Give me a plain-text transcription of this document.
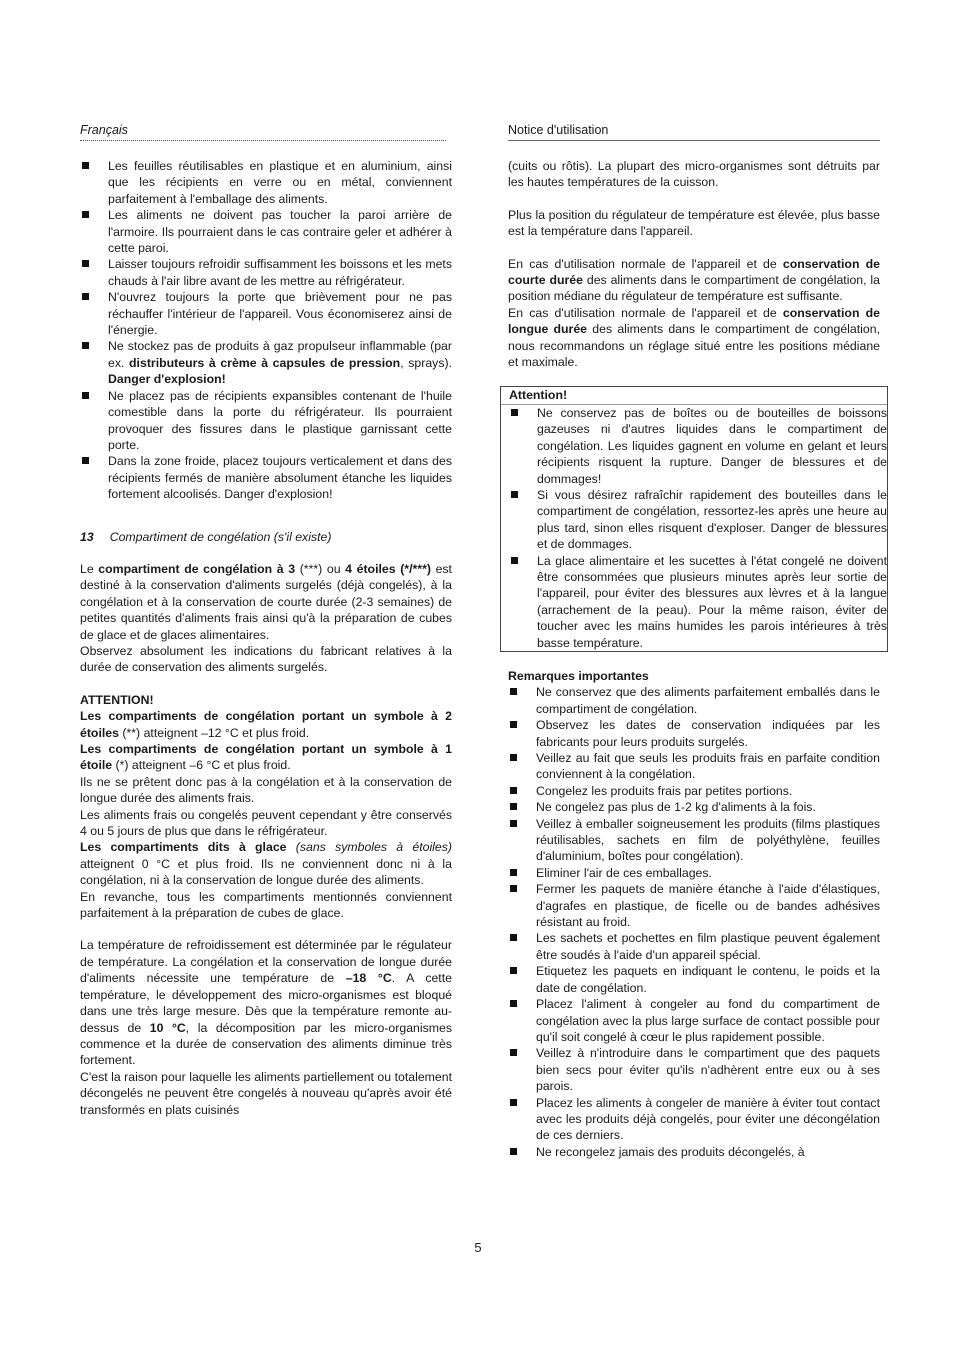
Français	Notice d'utilisation
Les feuilles réutilisables en plastique et en aluminium, ainsi que les récipients en verre ou en métal, conviennent parfaitement à l'emballage des aliments.
Les aliments ne doivent pas toucher la paroi arrière de l'armoire. Ils pourraient dans le cas contraire geler et adhérer à cette paroi.
Laisser toujours refroidir suffisamment les boissons et les mets chauds à l'air libre avant de les mettre au réfrigérateur.
N'ouvrez toujours la porte que brièvement pour ne pas réchauffer l'intérieur de l'appareil. Vous économiserez ainsi de l'énergie.
Ne stockez pas de produits à gaz propulseur inflammable (par ex. distributeurs à crème à capsules de pression, sprays). Danger d'explosion!
Ne placez pas de récipients expansibles contenant de l'huile comestible dans la porte du réfrigérateur. Ils pourraient provoquer des fissures dans le plastique garnissant cette porte.
Dans la zone froide, placez toujours verticalement et dans des récipients fermés de manière absolument étanche les liquides fortement alcoolisés. Danger d'explosion!

13 Compartiment de congélation (s'il existe)

Le compartiment de congélation à 3 (***) ou 4 étoiles (*/***) est destiné à la conservation d'aliments surgelés (déjà congelés), à la congélation et à la conservation de courte durée (2-3 semaines) de petites quantités d'aliments frais ainsi qu'à la préparation de cubes de glace et de glaces alimentaires.

Observez absolument les indications du fabricant relatives à la durée de conservation des aliments surgelés.

ATTENTION!

Les compartiments de congélation portant un symbole à 2 étoiles (**) atteignent –12 °C et plus froid.

Les compartiments de congélation portant un symbole à 1 étoile (*) atteignent –6 °C et plus froid.

Ils ne se prêtent donc pas à la congélation et à la conservation de longue durée des aliments frais.

Les aliments frais ou congelés peuvent cependant y être conservés 4 ou 5 jours de plus que dans le réfrigérateur.

Les compartiments dits à glace (sans symboles à étoiles) atteignent 0 °C et plus froid. Ils ne conviennent donc ni à la congélation, ni à la conservation de longue durée des aliments.

En revanche, tous les compartiments mentionnés conviennent parfaitement à la préparation de cubes de glace.

La température de refroidissement est déterminée par le régulateur de température. La congélation et la conservation de longue durée d'aliments nécessite une température de –18 °C. A cette température, le développement des micro-organismes est bloqué dans une très large mesure. Dès que la température remonte au-dessus de 10 °C, la décomposition par les micro-organismes commence et la durée de conservation des aliments diminue très fortement.

C'est la raison pour laquelle les aliments partiellement ou totalement décongelés ne peuvent être congelés à nouveau qu'après avoir été transformés en plats cuisinés

(cuits ou rôtis). La plupart des micro-organismes sont détruits par les hautes températures de la cuisson.

Plus la position du régulateur de température est élevée, plus basse est la température dans l'appareil.

En cas d'utilisation normale de l'appareil et de conservation de courte durée des aliments dans le compartiment de congélation, la position médiane du régulateur de température est suffisante.

En cas d'utilisation normale de l'appareil et de conservation de longue durée des aliments dans le compartiment de congélation, nous recommandons un réglage situé entre les positions médiane et maximale.

Attention!
Ne conservez pas de boîtes ou de bouteilles de boissons gazeuses ni d'autres liquides dans le compartiment de congélation. Les liquides gagnent en volume en gelant et leurs récipients risquent la rupture. Danger de blessures et de dommages!
Si vous désirez rafraîchir rapidement des bouteilles dans le compartiment de congélation, ressortez-les après une heure au plus tard, sinon elles risquent d'exploser. Danger de blessures et de dommages.
La glace alimentaire et les sucettes à l'état congelé ne doivent être consommées que plusieurs minutes après leur sortie de l'appareil, pour éviter des blessures aux lèvres et à la langue (arrachement de la peau). Pour la même raison, éviter de toucher avec les mains humides les parois intérieures à très basse température.

Remarques importantes

Ne conservez que des aliments parfaitement emballés dans le compartiment de congélation.
Observez les dates de conservation indiquées par les fabricants pour leurs produits surgelés.
Veillez au fait que seuls les produits frais en parfaite condition conviennent à la congélation.
Congelez les produits frais par petites portions.
Ne congelez pas plus de 1-2 kg d'aliments à la fois.
Veillez à emballer soigneusement les produits (films plastiques réutilisables, sachets en film de polyéthylène, feuilles d'aluminium, boîtes pour congélation).
Eliminer l'air de ces emballages.
Fermer les paquets de manière étanche à l'aide d'élastiques, d'agrafes en plastique, de ficelle ou de bandes adhésives résistant au froid.
Les sachets et pochettes en film plastique peuvent également être soudés à l'aide d'un appareil spécial.
Etiquetez les paquets en indiquant le contenu, le poids et la date de congélation.
Placez l'aliment à congeler au fond du compartiment de congélation avec la plus large surface de contact possible pour qu'il soit congelé à cœur le plus rapidement possible.
Veillez à n'introduire dans le compartiment que des paquets bien secs pour éviter qu'ils n'adhèrent entre eux ou à ses parois.
Placez les aliments à congeler de manière à éviter tout contact avec les produits déjà congelés, pour éviter une décongélation de ces derniers.
Ne recongelez jamais des produits décongelés, à
5
